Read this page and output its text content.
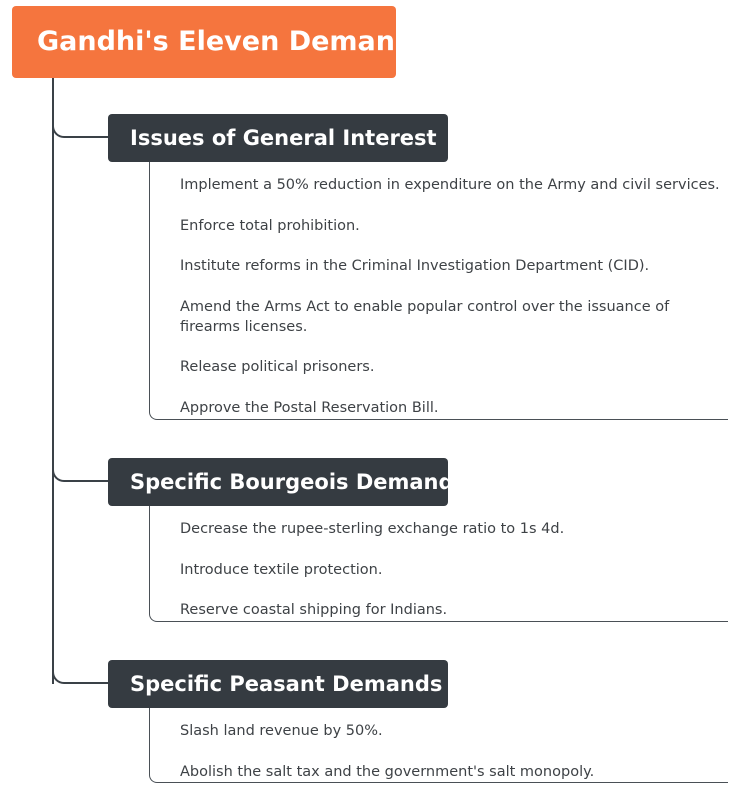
Gandhi's Eleven Demands
Issues of General Interest
Implement a 50% reduction in expenditure on the Army and civil services.
Enforce total prohibition.
Institute reforms in the Criminal Investigation Department (CID).
Amend the Arms Act to enable popular control over the issuance of firearms licenses.
Release political prisoners.
Approve the Postal Reservation Bill.
Specific Bourgeois Demands
Decrease the rupee-sterling exchange ratio to 1s 4d.
Introduce textile protection.
Reserve coastal shipping for Indians.
Specific Peasant Demands
Slash land revenue by 50%.
Abolish the salt tax and the government's salt monopoly.
